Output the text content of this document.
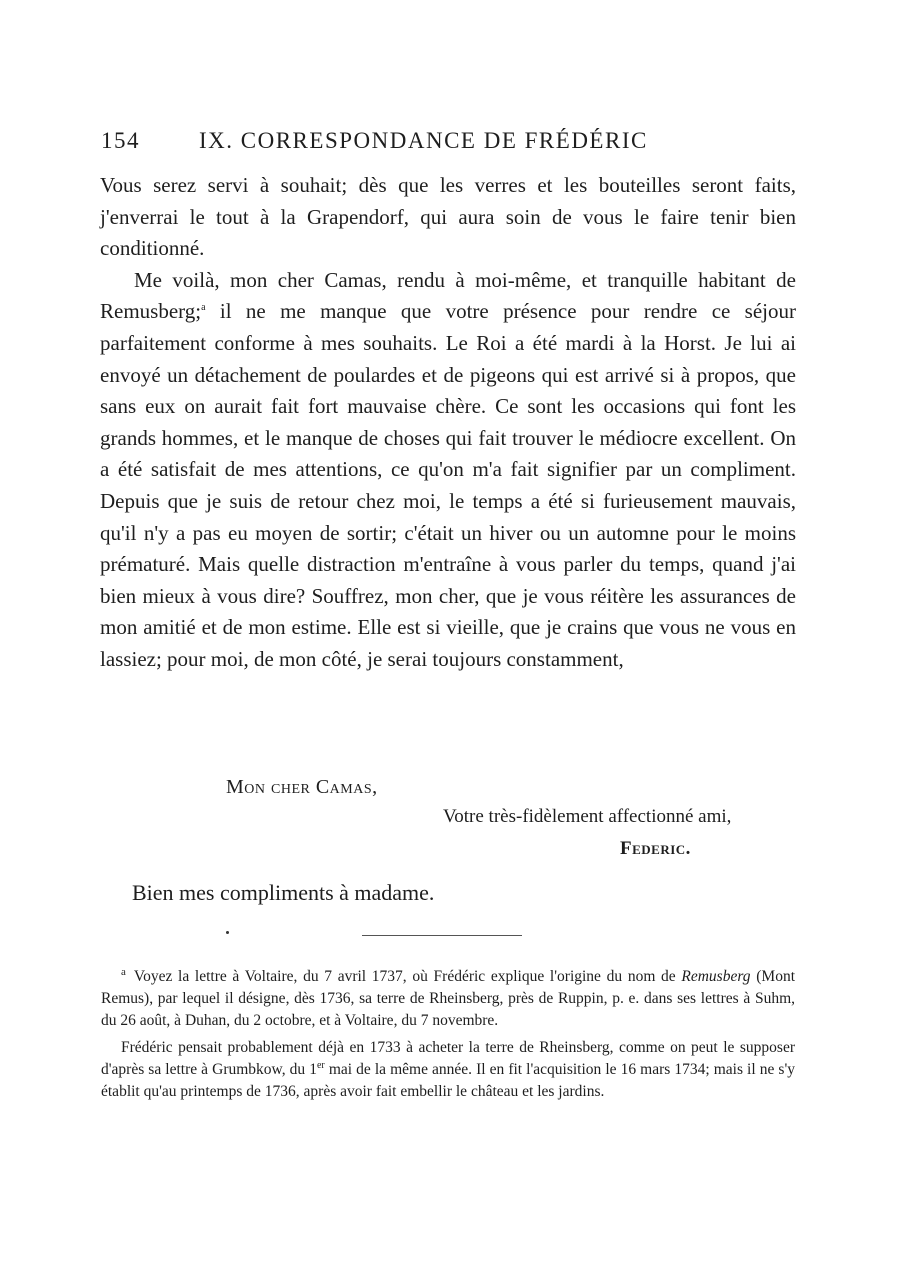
154	IX. CORRESPONDANCE DE FRÉDÉRIC

Vous serez servi à souhait; dès que les verres et les bouteilles seront faits, j'enverrai le tout à la Grapendorf, qui aura soin de vous le faire tenir bien conditionné.

Me voilà, mon cher Camas, rendu à moi-même, et tranquille habitant de Remusberg;$^a$ il ne me manque que votre présence pour rendre ce séjour parfaitement conforme à mes souhaits. Le Roi a été mardi à la Horst. Je lui ai envoyé un détachement de poulardes et de pigeons qui est arrivé si à propos, que sans eux on aurait fait fort mauvaise chère. Ce sont les occasions qui font les grands hommes, et le manque de choses qui fait trouver le médiocre excellent. On a été satisfait de mes attentions, ce qu'on m'a fait signifier par un compliment. Depuis que je suis de retour chez moi, le temps a été si furieusement mauvais, qu'il n'y a pas eu moyen de sortir; c'était un hiver ou un automne pour le moins prématuré. Mais quelle distraction m'entraîne à vous parler du temps, quand j'ai bien mieux à vous dire? Souffrez, mon cher, que je vous réitère les assurances de mon amitié et de mon estime. Elle est si vieille, que je crains que vous ne vous en lassiez; pour moi, de mon côté, je serai toujours constamment,

Mon cher Camas,
Votre très-fidèlement affectionné ami,
Federic.
Bien mes compliments à madame.

$^a$ Voyez la lettre à Voltaire, du 7 avril 1737, où Frédéric explique l'origine du nom de Remusberg (Mont Remus), par lequel il désigne, dès 1736, sa terre de Rheinsberg, près de Ruppin, p. e. dans ses lettres à Suhm, du 26 août, à Duhan, du 2 octobre, et à Voltaire, du 7 novembre.

Frédéric pensait probablement déjà en 1733 à acheter la terre de Rheinsberg, comme on peut le supposer d'après sa lettre à Grumbkow, du 1er mai de la même année. Il en fit l'acquisition le 16 mars 1734; mais il ne s'y établit qu'au printemps de 1736, après avoir fait embellir le château et les jardins.
